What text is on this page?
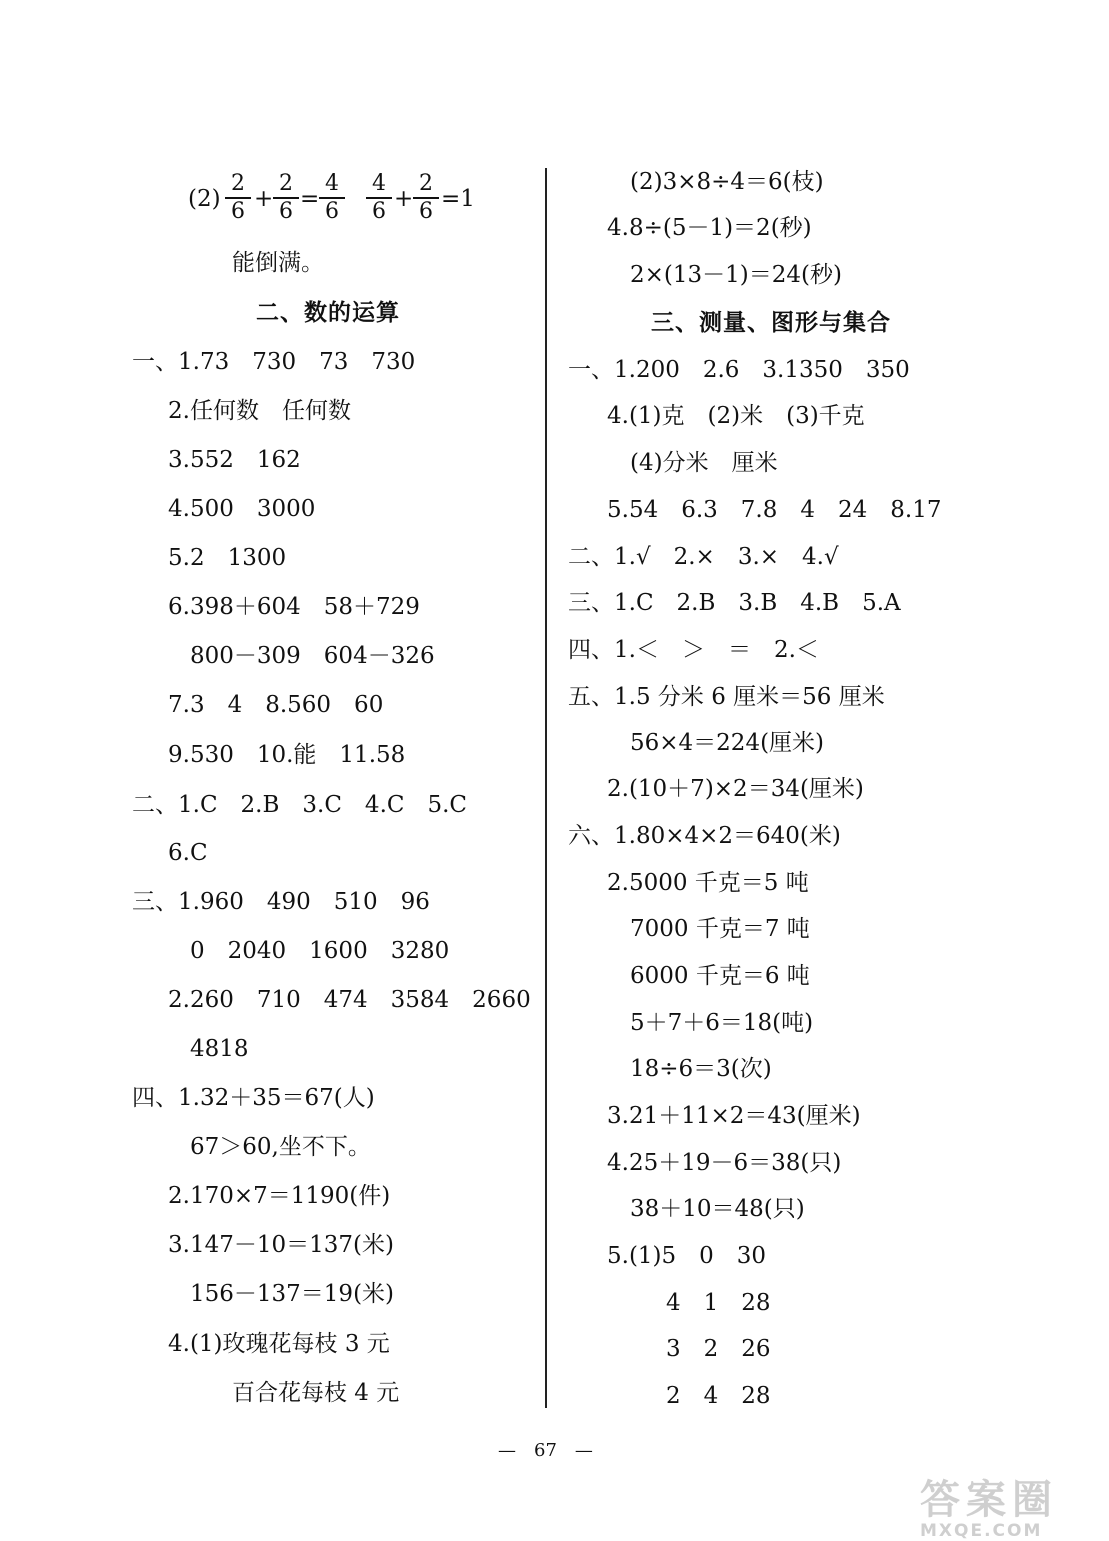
(2)
2
6 +
2
6 =
4
6
4
6 +
2
6 =1
能倒满。
二、数的运算
一、1.73　730　73　730
2.任何数　任何数
3.552　162
4.500　3000
5.2　1300
6.398＋604　58＋729
800－309　604－326
7.3　4　8.560　60
9.530　10.能　11.58
二、1.C　2.B　3.C　4.C　5.C
6.C
三、1.960　490　510　96
0　2040　1600　3280
2.260　710　474　3584　2660
4818
四、1.32＋35＝67(人)
67＞60,坐不下。
2.170×7＝1190(件)
3.147－10＝137(米)
156－137＝19(米)
4.(1)玫瑰花每枝 3 元
百合花每枝 4 元
(2)3×8÷4＝6(枝)
4.8÷(5－1)＝2(秒)
2×(13－1)＝24(秒)
三、测量、图形与集合
一、1.200　2.6　3.1350　350
4.(1)克　(2)米　(3)千克
(4)分米　厘米
5.54　6.3　7.8　4　24　8.17
二、1.√　2.×　3.×　4.√
三、1.C　2.B　3.B　4.B　5.A
四、1.＜　＞　＝　2.＜
五、1.5 分米 6 厘米＝56 厘米
56×4＝224(厘米)
2.(10＋7)×2＝34(厘米)
六、1.80×4×2＝640(米)
2.5000 千克＝5 吨
7000 千克＝7 吨
6000 千克＝6 吨
5＋7＋6＝18(吨)
18÷6＝3(次)
3.21＋11×2＝43(厘米)
4.25＋19－6＝38(只)
38＋10＝48(只)
5.(1)5　0　30
4　1　28
3　2　26
2　4　28
—　67　—
答案圈
MXQE.COM
